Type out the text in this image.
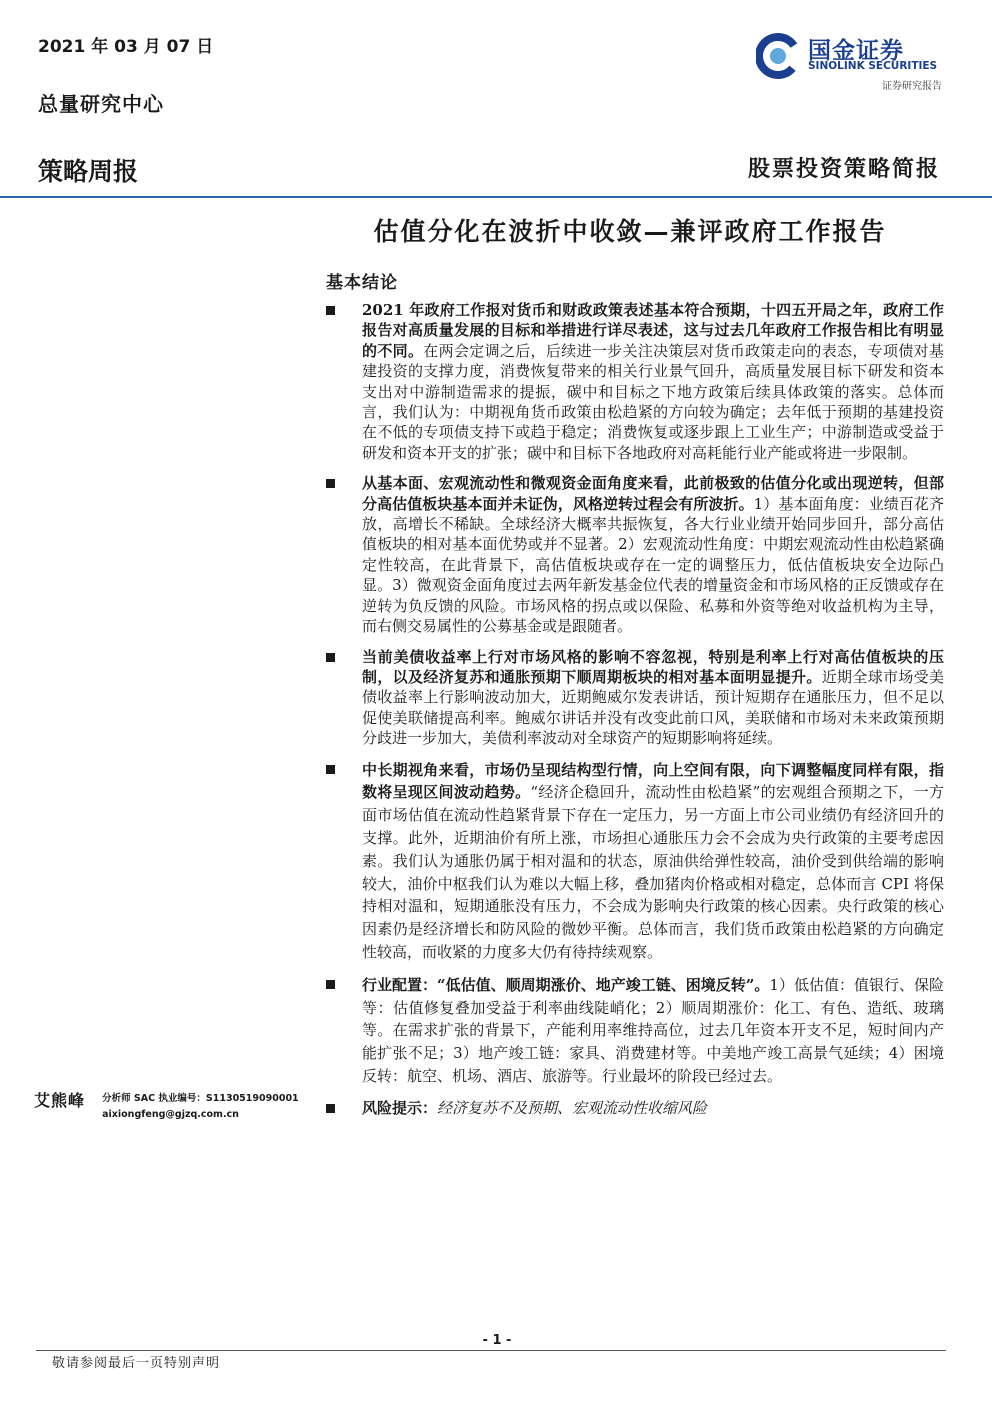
2021 年 03 月 07 日
总量研究中心
国金证券
SINOLINK SECURITIES
证券研究报告
策略周报	股票投资策略简报
估值分化在波折中收敛—兼评政府工作报告
基本结论
2021 年政府工作报对货币和财政政策表述基本符合预期，十四五开局之年，政府工作报告对高质量发展的目标和举措进行详尽表述，这与过去几年政府工作报告相比有明显的不同。在两会定调之后，后续进一步关注决策层对货币政策走向的表态，专项债对基建投资的支撑力度，消费恢复带来的相关行业景气回升，高质量发展目标下研发和资本支出对中游制造需求的提振，碳中和目标之下地方政策后续具体政策的落实。总体而言，我们认为：中期视角货币政策由松趋紧的方向较为确定；去年低于预期的基建投资在不低的专项债支持下或趋于稳定；消费恢复或逐步跟上工业生产；中游制造或受益于研发和资本开支的扩张；碳中和目标下各地政府对高耗能行业产能或将进一步限制。
从基本面、宏观流动性和微观资金面角度来看，此前极致的估值分化或出现逆转，但部分高估值板块基本面并未证伪，风格逆转过程会有所波折。1）基本面角度：业绩百花齐放，高增长不稀缺。全球经济大概率共振恢复，各大行业业绩开始同步回升，部分高估值板块的相对基本面优势或并不显著。2）宏观流动性角度：中期宏观流动性由松趋紧确定性较高，在此背景下，高估值板块或存在一定的调整压力，低估值板块安全边际凸显。3）微观资金面角度过去两年新发基金位代表的增量资金和市场风格的正反馈或存在逆转为负反馈的风险。市场风格的拐点或以保险、私募和外资等绝对收益机构为主导，而右侧交易属性的公募基金或是跟随者。
当前美债收益率上行对市场风格的影响不容忽视，特别是利率上行对高估值板块的压制，以及经济复苏和通胀预期下顺周期板块的相对基本面明显提升。近期全球市场受美债收益率上行影响波动加大，近期鲍威尔发表讲话，预计短期存在通胀压力，但不足以促使美联储提高利率。鲍威尔讲话并没有改变此前口风，美联储和市场对未来政策预期分歧进一步加大，美债利率波动对全球资产的短期影响将延续。
中长期视角来看，市场仍呈现结构型行情，向上空间有限，向下调整幅度同样有限，指数将呈现区间波动趋势。“经济企稳回升，流动性由松趋紧”的宏观组合预期之下，一方面市场估值在流动性趋紧背景下存在一定压力，另一方面上市公司业绩仍有经济回升的支撑。此外，近期油价有所上涨，市场担心通胀压力会不会成为央行政策的主要考虑因素。我们认为通胀仍属于相对温和的状态，原油供给弹性较高，油价受到供给端的影响较大，油价中枢我们认为难以大幅上移，叠加猪肉价格或相对稳定，总体而言 CPI 将保持相对温和，短期通胀没有压力，不会成为影响央行政策的核心因素。央行政策的核心因素仍是经济增长和防风险的微妙平衡。总体而言，我们货币政策由松趋紧的方向确定性较高，而收紧的力度多大仍有待持续观察。
行业配置：“低估值、顺周期涨价、地产竣工链、困境反转”。1）低估值：值银行、保险等：估值修复叠加受益于利率曲线陡峭化；2）顺周期涨价：化工、有色、造纸、玻璃等。在需求扩张的背景下，产能利用率维持高位，过去几年资本开支不足，短时间内产能扩张不足；3）地产竣工链：家具、消费建材等。中美地产竣工高景气延续；4）困境反转：航空、机场、酒店、旅游等。行业最坏的阶段已经过去。
风险提示：经济复苏不及预期、宏观流动性收缩风险
艾熊峰 分析师 SAC 执业编号：S1130519090001
aixiongfeng@gjzq.com.cn
- 1 -
敬请参阅最后一页特别声明
